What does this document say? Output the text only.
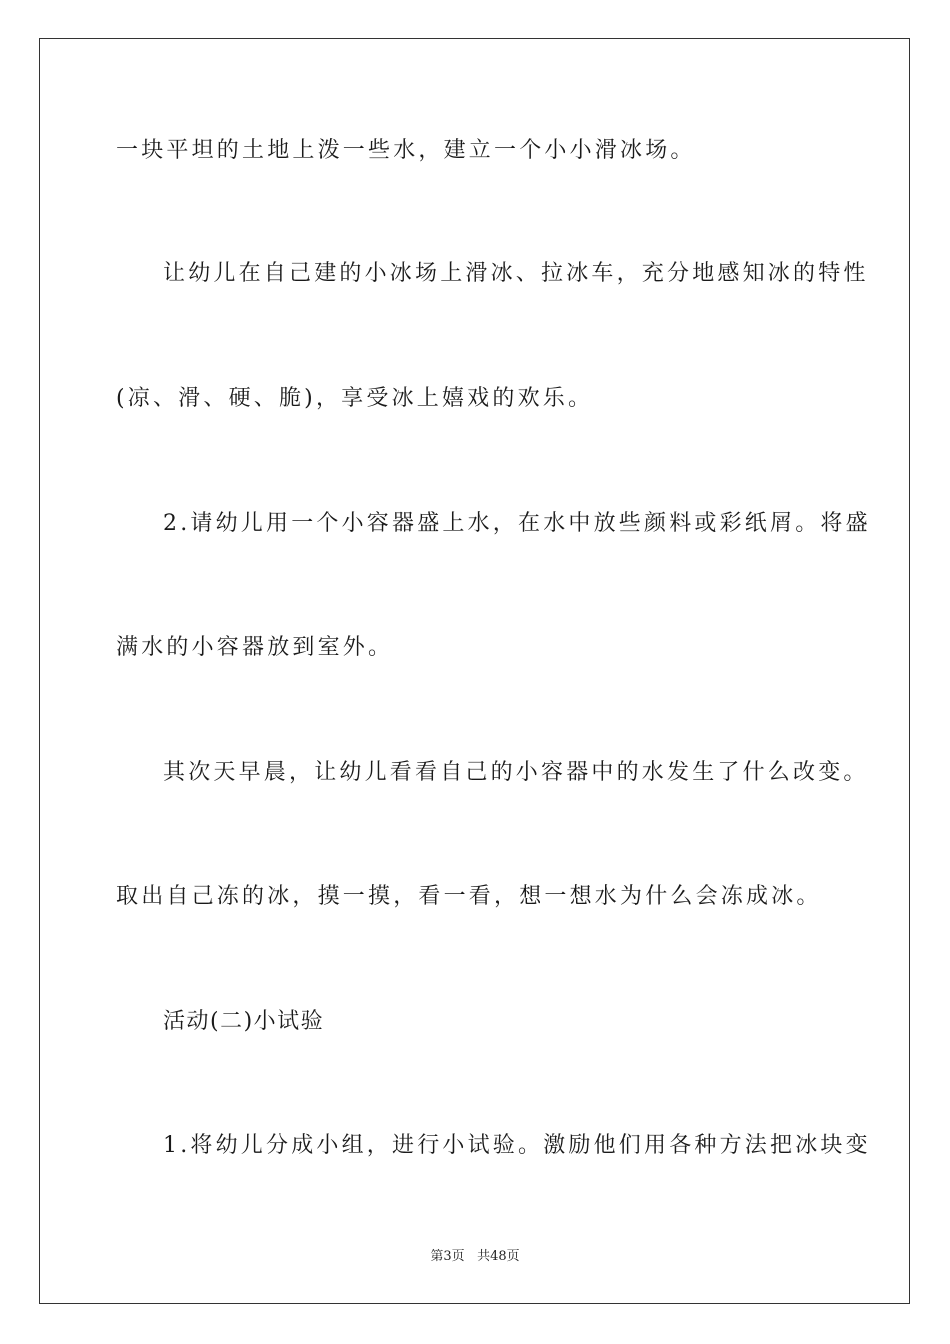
一块平坦的土地上泼一些水，建立一个小小滑冰场。
让幼儿在自己建的小冰场上滑冰、拉冰车，充分地感知冰的特性
(凉、滑、硬、脆)，享受冰上嬉戏的欢乐。
2.请幼儿用一个小容器盛上水，在水中放些颜料或彩纸屑。将盛
满水的小容器放到室外。
其次天早晨，让幼儿看看自己的小容器中的水发生了什么改变。
取出自己冻的冰，摸一摸，看一看，想一想水为什么会冻成冰。
活动(二)小试验
1.将幼儿分成小组，进行小试验。激励他们用各种方法把冰块变
第3页 共48页
